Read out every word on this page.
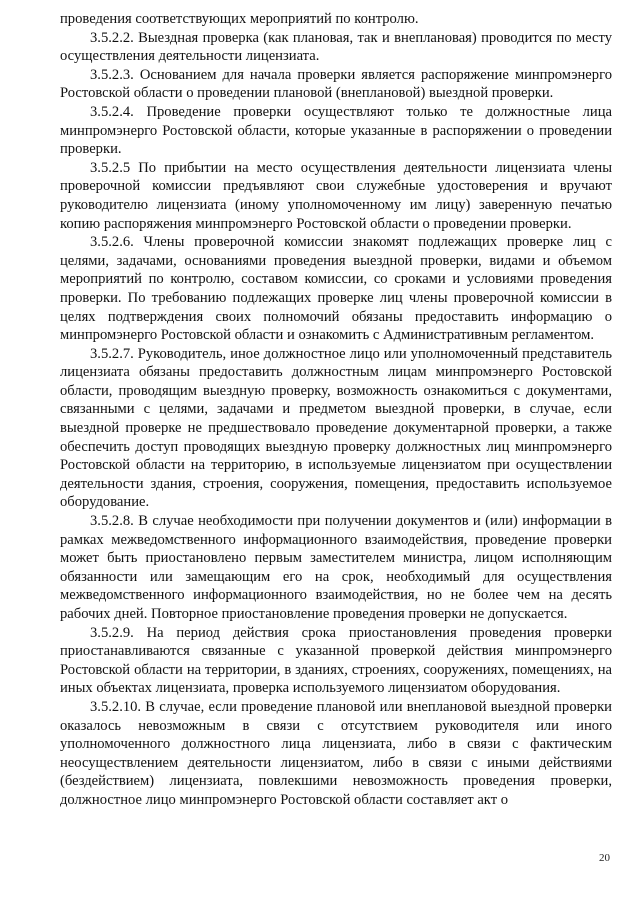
проведения соответствующих мероприятий по контролю.

3.5.2.2. Выездная проверка (как плановая, так и внеплановая) проводится по месту осуществления деятельности лицензиата.

3.5.2.3. Основанием для начала проверки является распоряжение минпромэнерго Ростовской области о проведении плановой (внеплановой) выездной проверки.

3.5.2.4. Проведение проверки осуществляют только те должностные лица минпромэнерго Ростовской области, которые указанные в распоряжении о проведении проверки.

3.5.2.5 По прибытии на место осуществления деятельности лицензиата члены проверочной комиссии предъявляют свои служебные удостоверения и вручают руководителю лицензиата (иному уполномоченному им лицу) заверенную печатью копию распоряжения минпромэнерго Ростовской области о проведении проверки.

3.5.2.6. Члены проверочной комиссии знакомят подлежащих проверке лиц с целями, задачами, основаниями проведения выездной проверки, видами и объемом мероприятий по контролю, составом комиссии, со сроками и условиями проведения проверки. По требованию подлежащих проверке лиц члены проверочной комиссии в целях подтверждения своих полномочий обязаны предоставить информацию о минпромэнерго Ростовской области и ознакомить с Административным регламентом.

3.5.2.7. Руководитель, иное должностное лицо или уполномоченный представитель лицензиата обязаны предоставить должностным лицам минпромэнерго Ростовской области, проводящим выездную проверку, возможность ознакомиться с документами, связанными с целями, задачами и предметом выездной проверки, в случае, если выездной проверке не предшествовало проведение документарной проверки, а также обеспечить доступ проводящих выездную проверку должностных лиц минпромэнерго Ростовской области на территорию, в используемые лицензиатом при осуществлении деятельности здания, строения, сооружения, помещения, предоставить используемое оборудование.

3.5.2.8. В случае необходимости при получении документов и (или) информации в рамках межведомственного информационного взаимодействия, проведение проверки может быть приостановлено первым заместителем министра, лицом исполняющим обязанности или замещающим его на срок, необходимый для осуществления межведомственного информационного взаимодействия, но не более чем на десять рабочих дней. Повторное приостановление проведения проверки не допускается.

3.5.2.9. На период действия срока приостановления проведения проверки приостанавливаются связанные с указанной проверкой действия минпромэнерго Ростовской области на территории, в зданиях, строениях, сооружениях, помещениях, на иных объектах лицензиата, проверка используемого лицензиатом оборудования.

3.5.2.10. В случае, если проведение плановой или внеплановой выездной проверки оказалось невозможным в связи с отсутствием руководителя или иного уполномоченного должностного лица лицензиата, либо в связи с фактическим неосуществлением деятельности лицензиатом, либо в связи с иными действиями (бездействием) лицензиата, повлекшими невозможность проведения проверки, должностное лицо минпромэнерго Ростовской области составляет акт о

20
